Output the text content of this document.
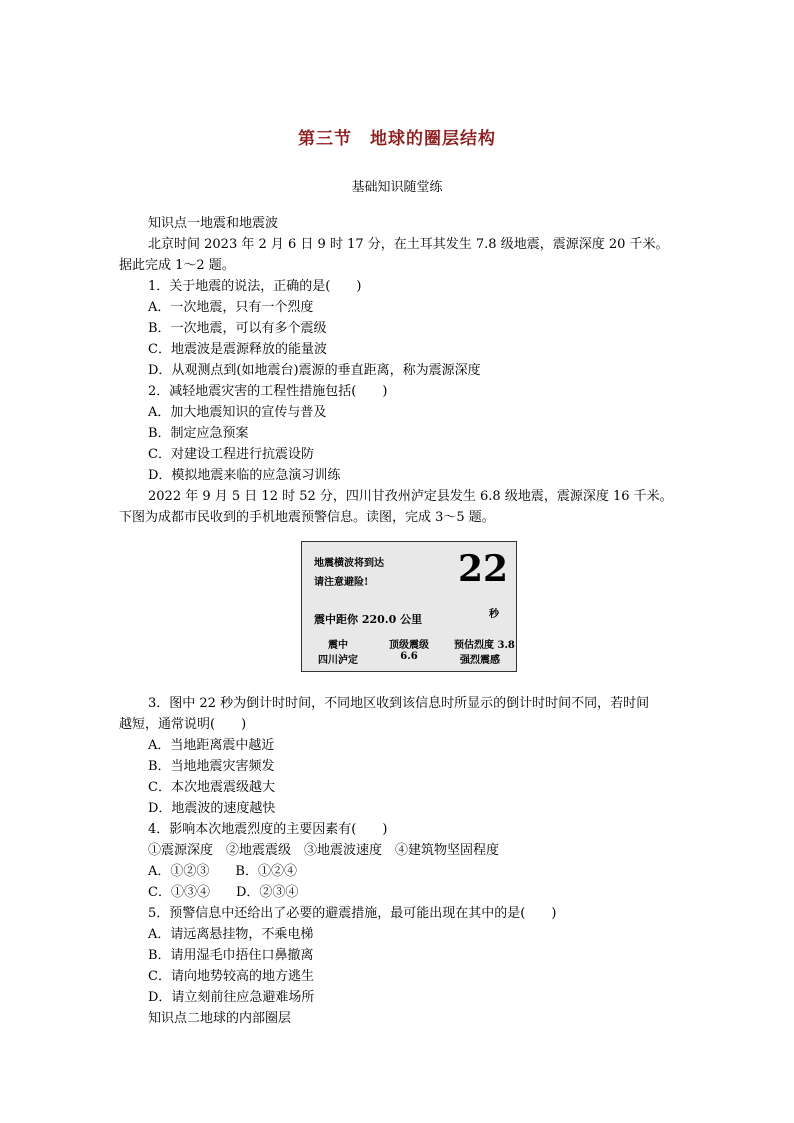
第三节　地球的圈层结构
基础知识随堂练
知识点一地震和地震波
北京时间 2023 年 2 月 6 日 9 时 17 分，在土耳其发生 7.8 级地震，震源深度 20 千米。
据此完成 1～2 题。
1．关于地震的说法，正确的是(　　)
A．一次地震，只有一个烈度
B．一次地震，可以有多个震级
C．地震波是震源释放的能量波
D．从观测点到(如地震台)震源的垂直距离，称为震源深度
2．减轻地震灾害的工程性措施包括(　　)
A．加大地震知识的宣传与普及
B．制定应急预案
C．对建设工程进行抗震设防
D．模拟地震来临的应急演习训练
2022 年 9 月 5 日 12 时 52 分，四川甘孜州泸定县发生 6.8 级地震，震源深度 16 千米。
下图为成都市民收到的手机地震预警信息。读图，完成 3～5 题。
地震横波将到达
请注意避险! 22
秒
震中距你 220.0 公里
震中
四川泸定
顶级震级
6.6
预估烈度 3.8
强烈震感
3．图中 22 秒为倒计时时间，不同地区收到该信息时所显示的倒计时时间不同，若时间
越短，通常说明(　　)
A．当地距离震中越近
B．当地地震灾害频发
C．本次地震震级越大
D．地震波的速度越快
4．影响本次地震烈度的主要因素有(　　)
①震源深度　②地震震级　③地震波速度　④建筑物坚固程度
A．①②③　　B．①②④
C．①③④　　D．②③④
5．预警信息中还给出了必要的避震措施，最可能出现在其中的是(　　)
A．请远离悬挂物，不乘电梯
B．请用湿毛巾捂住口鼻撤离
C．请向地势较高的地方逃生
D．请立刻前往应急避难场所
知识点二地球的内部圈层
